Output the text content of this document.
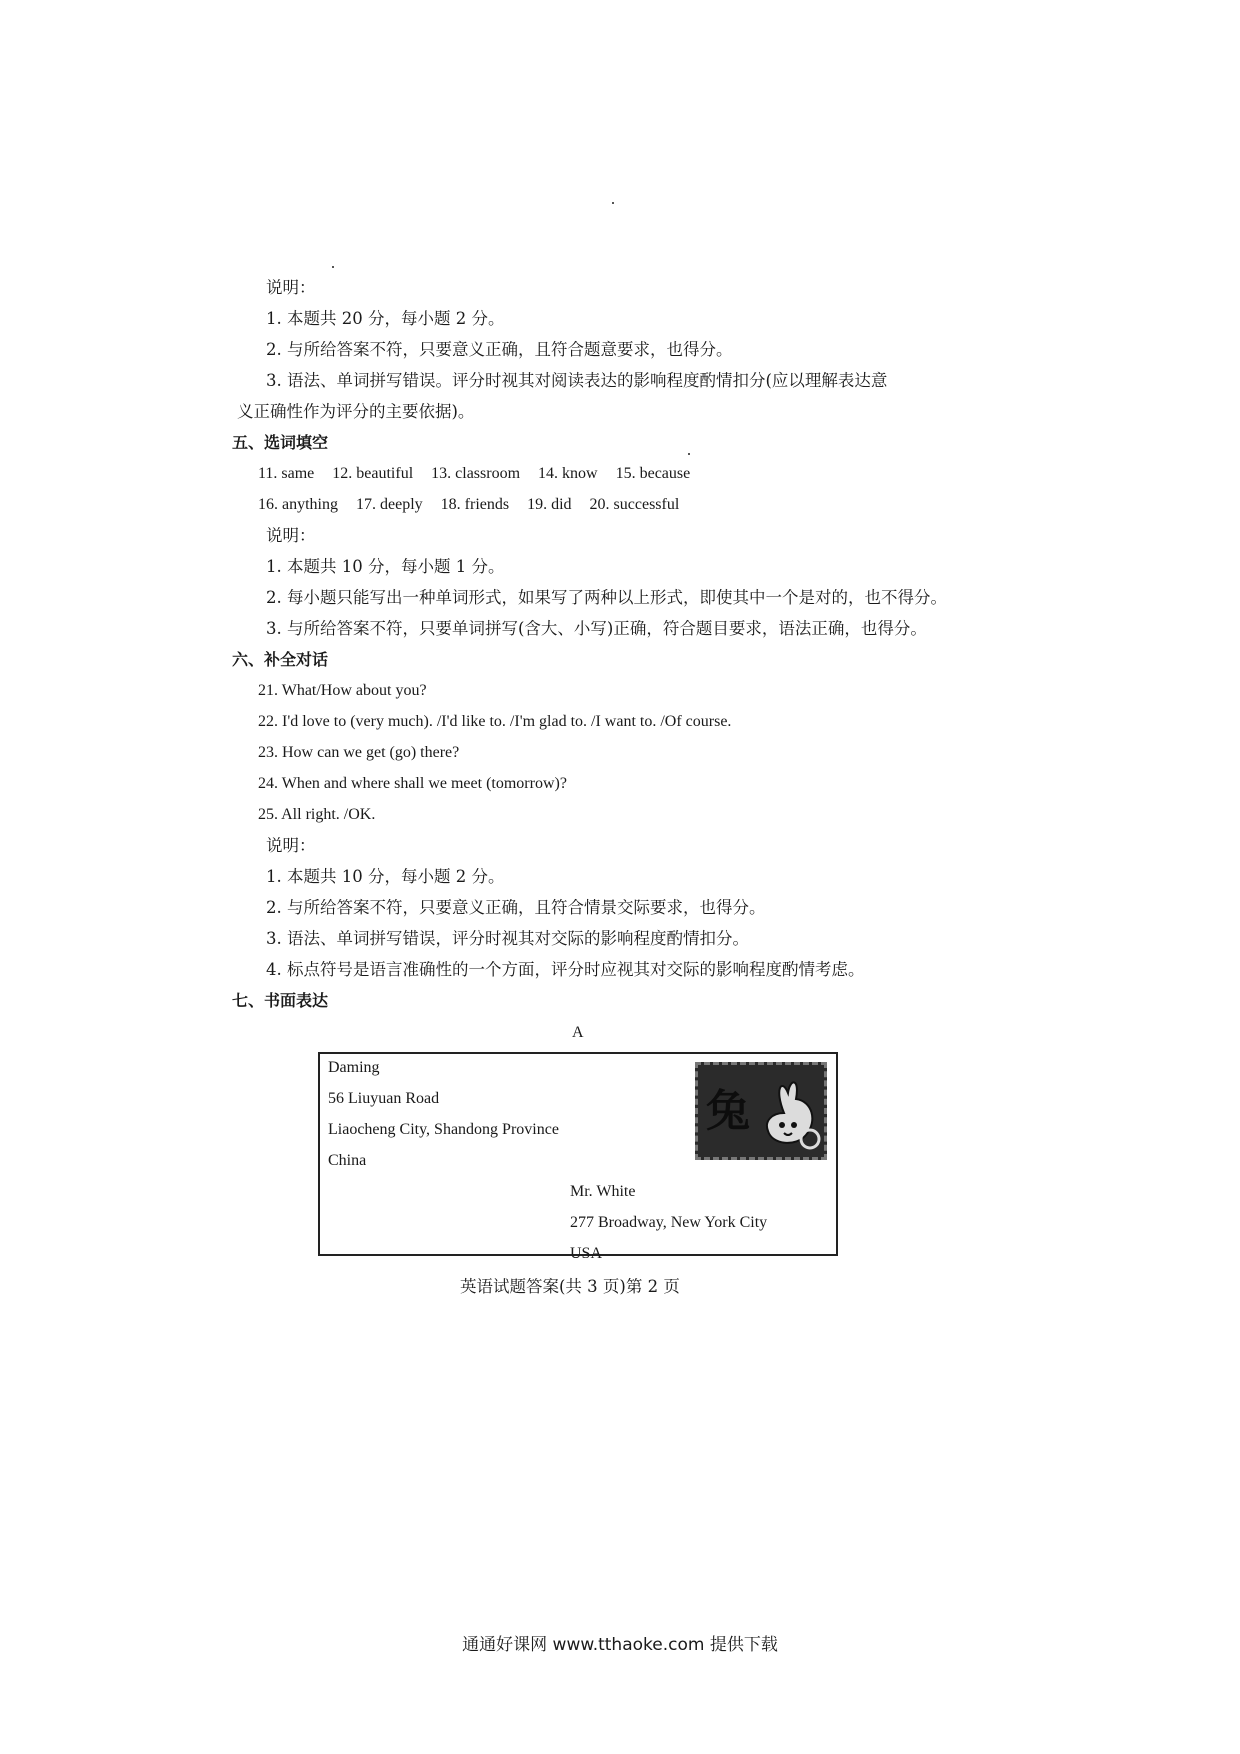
说明：
1. 本题共 20 分，每小题 2 分。
2. 与所给答案不符，只要意义正确，且符合题意要求，也得分。
3. 语法、单词拼写错误。评分时视其对阅读表达的影响程度酌情扣分(应以理解表达意
义正确性作为评分的主要依据)。
五、选词填空
11. same 12. beautiful 13. classroom 14. know 15. because
16. anything 17. deeply 18. friends 19. did 20. successful
说明：
1. 本题共 10 分，每小题 1 分。
2. 每小题只能写出一种单词形式，如果写了两种以上形式，即使其中一个是对的，也不得分。
3. 与所给答案不符，只要单词拼写(含大、小写)正确，符合题目要求，语法正确，也得分。
六、补全对话
21. What/How about you?
22. I'd love to (very much). /I'd like to. /I'm glad to. /I want to. /Of course.
23. How can we get (go) there?
24. When and where shall we meet (tomorrow)?
25. All right. /OK.
说明：
1. 本题共 10 分，每小题 2 分。
2. 与所给答案不符，只要意义正确，且符合情景交际要求，也得分。
3. 语法、单词拼写错误，评分时视其对交际的影响程度酌情扣分。
4. 标点符号是语言准确性的一个方面，评分时应视其对交际的影响程度酌情考虑。
七、书面表达
A
Daming
56 Liuyuan Road
Liaocheng City, Shandong Province
China
Mr. White
277 Broadway, New York City
USA
兔
英语试题答案(共 3 页)第 2 页
通通好课网 www.tthaoke.com 提供下载
